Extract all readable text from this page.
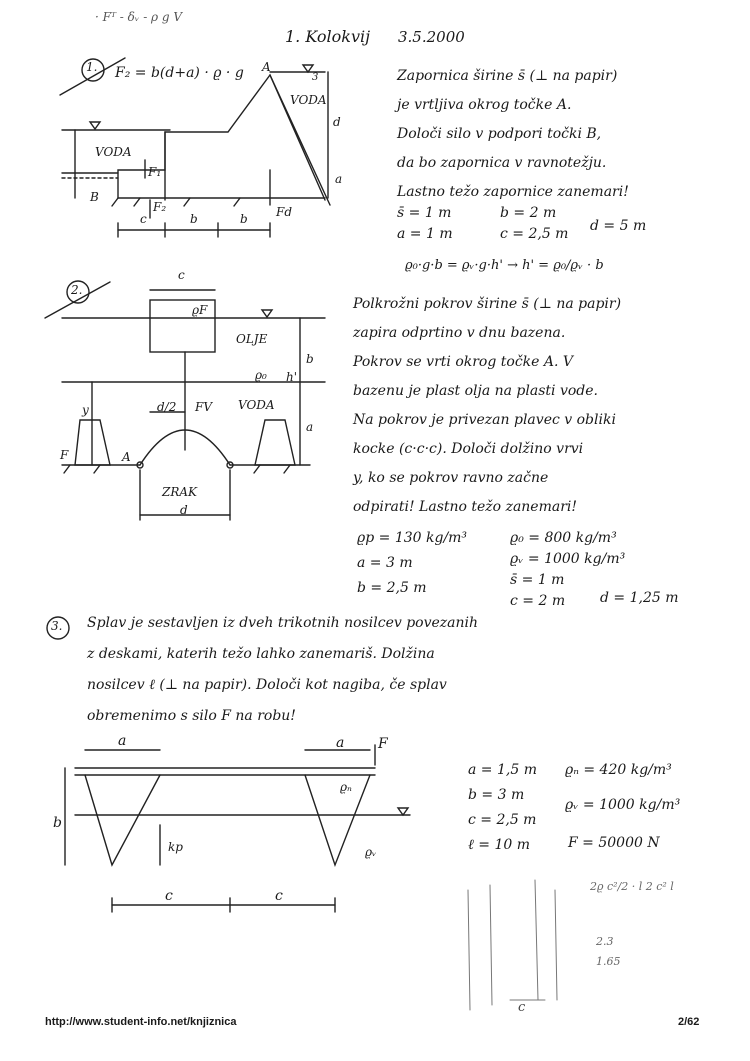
· Fᵀ - δᵥ - ρ g V
1. Kolokvij 3.5.2000
1. F₂ = b(d+a) · ϱ · g
VODA
VODA
F₁
F₂	Fd
B
c	b	b
d
a
A
3	Zapornica širine s̄ (⊥ na papir)
je vrtljiva okrog točke A.
Določi silo v podpori točki B,
da bo zapornica v ravnotežju.
Lastno težo zapornice zanemari!
s̄ = 1 m
a = 1 m
b = 2 m
c = 2,5 m d = 5 m
ϱ₀·g·b = ϱᵥ·g·h' → h' = ϱ₀/ϱᵥ · b
2.
c
OLJE
VODA
ZRAK
d
d/2 FV
y
a
b
h'
ϱ₀
ϱF
F	A
Polkrožni pokrov širine s̄ (⊥ na papir)
zapira odprtino v dnu bazena.
Pokrov se vrti okrog točke A. V
bazenu je plast olja na plasti vode.
Na pokrov je privezan plavec v obliki
kocke (c·c·c). Določi dolžino vrvi
y, ko se pokrov ravno začne
odpirati! Lastno težo zanemari!
ϱp = 130 kg/m³
a = 3 m
b = 2,5 m
ϱ₀ = 800 kg/m³
ϱᵥ = 1000 kg/m³
s̄ = 1 m
c = 2 m d = 1,25 m
3. Splav je sestavljen iz dveh trikotnih nosilcev povezanih
z deskami, katerih težo lahko zanemariš. Dolžina
nosilcev ℓ (⊥ na papir). Določi kot nagiba, če splav
obremenimo s silo F na robu!
a	a F
b
kp
c	c
ϱₙ
ϱᵥ
a = 1,5 m
b = 3 m
c = 2,5 m
ℓ = 10 m
ϱₙ = 420 kg/m³
ϱᵥ = 1000 kg/m³
F = 50000 N
2ϱ c²/2 · l 2 c² l
2.3
1.65
c
http://www.student-info.net/knjiznica	2/62
